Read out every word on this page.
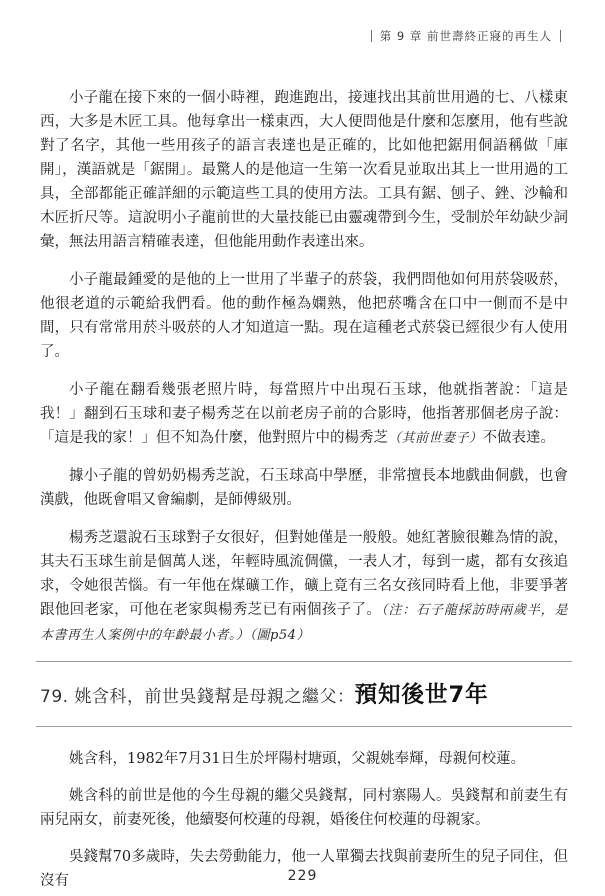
第 9 章 前世壽終正寢的再生人

小子龍在接下來的一個小時裡，跑進跑出，接連找出其前世用過的七、八樣東西，大多是木匠工具。他每拿出一樣東西，大人便問他是什麼和怎麼用，他有些說對了名字，其他一些用孩子的語言表達也是正確的，比如他把鋸用侗語稱做「庫開」，漢語就是「鋸開」。最驚人的是他這一生第一次看見並取出其上一世用過的工具，全部都能正確詳細的示範這些工具的使用方法。工具有鋸、刨子、銼、沙輪和木匠折尺等。這說明小子龍前世的大量技能已由靈魂帶到今生，受制於年幼缺少詞彙，無法用語言精確表達，但他能用動作表達出來。

小子龍最鍾愛的是他的上一世用了半輩子的菸袋，我們問他如何用菸袋吸菸，他很老道的示範給我們看。他的動作極為嫻熟，他把菸嘴含在口中一側而不是中間，只有常常用菸斗吸菸的人才知道這一點。現在這種老式菸袋已經很少有人使用了。

小子龍在翻看幾張老照片時，每當照片中出現石玉球，他就指著說：「這是我！」翻到石玉球和妻子楊秀芝在以前老房子前的合影時，他指著那個老房子說：「這是我的家！」但不知為什麼，他對照片中的楊秀芝（其前世妻子）不做表達。

據小子龍的曾奶奶楊秀芝說，石玉球高中學歷，非常擅長本地戲曲侗戲，也會漢戲，他既會唱又會編劇，是師傅級別。

楊秀芝還說石玉球對子女很好，但對她僅是一般般。她紅著臉很難為情的說，其夫石玉球生前是個萬人迷，年輕時風流倜儻，一表人才，每到一處，都有女孩追求，令她很苦惱。有一年他在煤礦工作，礦上竟有三名女孩同時看上他，非要爭著跟他回老家，可他在老家與楊秀芝已有兩個孩子了。（注：石子龍採訪時兩歲半，是本書再生人案例中的年齡最小者。）（圖p54）

79. 姚含科，前世吳錢幫是母親之繼父：預知後世7年

姚含科，1982年7月31日生於坪陽村塘頭，父親姚奉輝，母親何校蓮。

姚含科的前世是他的今生母親的繼父吳錢幫，同村寨陽人。吳錢幫和前妻生有兩兒兩女，前妻死後，他續娶何校蓮的母親，婚後住何校蓮的母親家。

吳錢幫70多歲時，失去勞動能力，他一人單獨去找與前妻所生的兒子同住，但沒有	229
